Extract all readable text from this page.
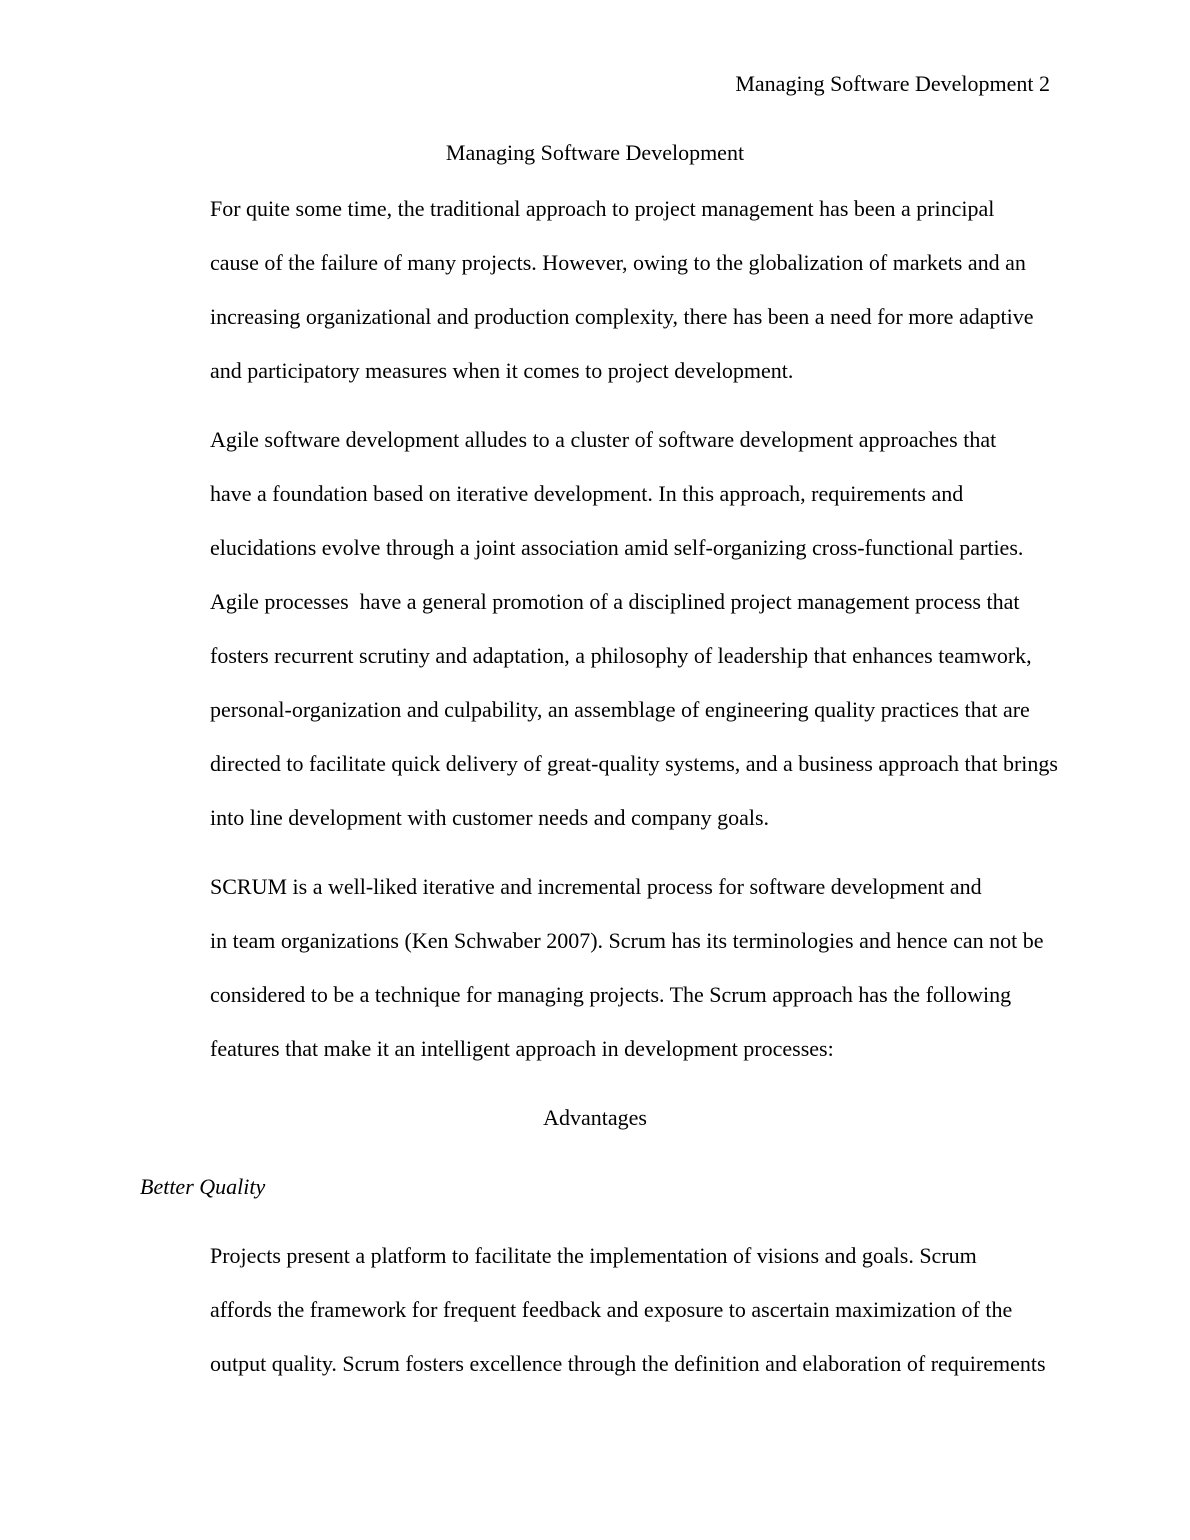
Managing Software Development 2
Managing Software Development
For quite some time, the traditional approach to project management has been a principal
cause of the failure of many projects. However, owing to the globalization of markets and an
increasing organizational and production complexity, there has been a need for more adaptive
and participatory measures when it comes to project development.
Agile software development alludes to a cluster of software development approaches that
have a foundation based on iterative development. In this approach, requirements and
elucidations evolve through a joint association amid self-organizing cross-functional parties.
Agile processes  have a general promotion of a disciplined project management process that
fosters recurrent scrutiny and adaptation, a philosophy of leadership that enhances teamwork,
personal-organization and culpability, an assemblage of engineering quality practices that are
directed to facilitate quick delivery of great-quality systems, and a business approach that brings
into line development with customer needs and company goals.
SCRUM is a well-liked iterative and incremental process for software development and
in team organizations (Ken Schwaber 2007). Scrum has its terminologies and hence can not be
considered to be a technique for managing projects. The Scrum approach has the following
features that make it an intelligent approach in development processes:
Advantages
Better Quality
Projects present a platform to facilitate the implementation of visions and goals. Scrum
affords the framework for frequent feedback and exposure to ascertain maximization of the
output quality. Scrum fosters excellence through the definition and elaboration of requirements
